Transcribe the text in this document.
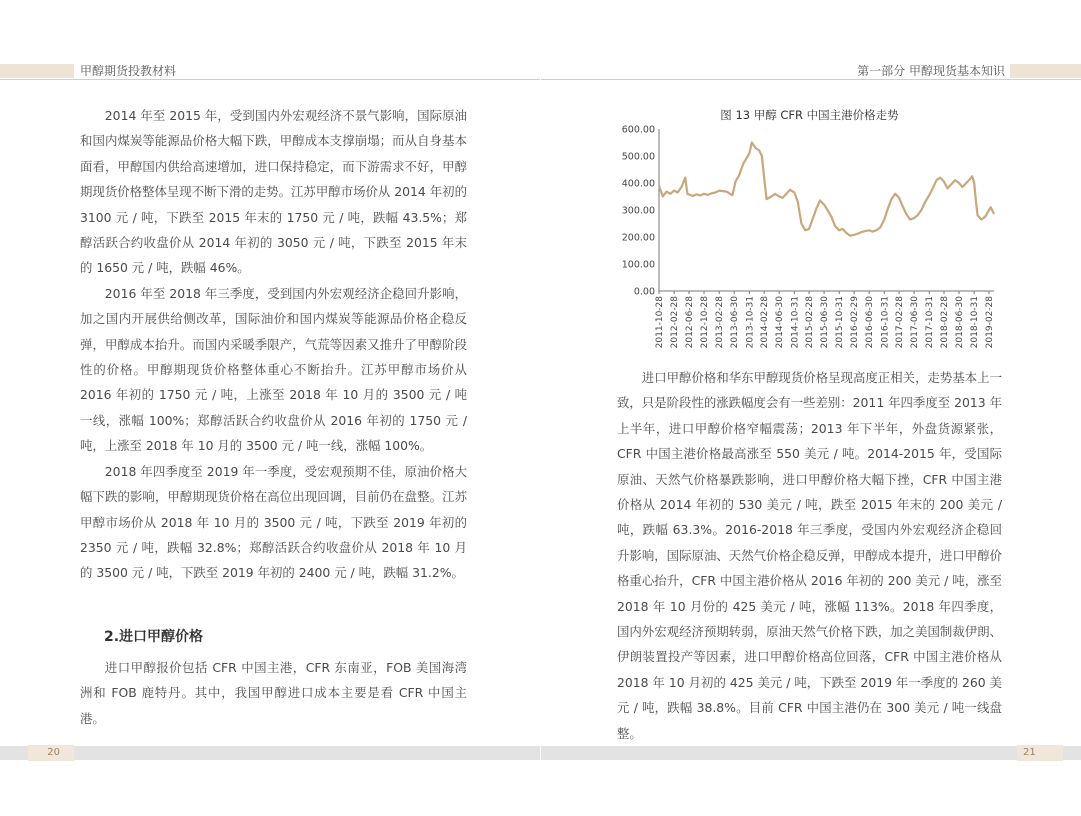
甲醇期货投教材料	第一部分 甲醇现货基本知识

2014 年至 2015 年，受到国内外宏观经济不景气影响，国际原油和国内煤炭等能源品价格大幅下跌，甲醇成本支撑崩塌；而从自身基本面看，甲醇国内供给高速增加，进口保持稳定，而下游需求不好，甲醇期现货价格整体呈现不断下滑的走势。江苏甲醇市场价从 2014 年初的 3100 元 / 吨，下跌至 2015 年末的 1750 元 / 吨，跌幅 43.5%；郑醇活跃合约收盘价从 2014 年初的 3050 元 / 吨，下跌至 2015 年末的 1650 元 / 吨，跌幅 46%。

2016 年至 2018 年三季度，受到国内外宏观经济企稳回升影响，加之国内开展供给侧改革，国际油价和国内煤炭等能源品价格企稳反弹，甲醇成本抬升。而国内采暖季限产，气荒等因素又推升了甲醇阶段性的价格。甲醇期现货价格整体重心不断抬升。江苏甲醇市场价从 2016 年初的 1750 元 / 吨，上涨至 2018 年 10 月的 3500 元 / 吨一线，涨幅 100%；郑醇活跃合约收盘价从 2016 年初的 1750 元 / 吨，上涨至 2018 年 10 月的 3500 元 / 吨一线，涨幅 100%。

2018 年四季度至 2019 年一季度，受宏观预期不佳，原油价格大幅下跌的影响，甲醇期现货价格在高位出现回调，目前仍在盘整。江苏甲醇市场价从 2018 年 10 月的 3500 元 / 吨，下跌至 2019 年初的 2350 元 / 吨，跌幅 32.8%；郑醇活跃合约收盘价从 2018 年 10 月的 3500 元 / 吨，下跌至 2019 年初的 2400 元 / 吨，跌幅 31.2%。

2.进口甲醇价格

进口甲醇报价包括 CFR 中国主港，CFR 东南亚，FOB 美国海湾洲和 FOB 鹿特丹。其中，我国甲醇进口成本主要是看 CFR 中国主港。

图 13 甲醇 CFR 中国主港价格走势
0.00
100.00
200.00
300.00
400.00
500.00
600.00
2011-10-28 2012-02-28 2012-06-28 2012-10-28 2013-02-28 2013-06-30 2013-10-31 2014-02-28 2014-06-30 2014-10-31 2015-02-28 2015-06-30 2015-10-31 2016-02-29 2016-06-30 2016-10-31 2017-02-28 2017-06-30 2017-10-31 2018-02-28 2018-06-30 2018-10-31 2019-02-28

进口甲醇价格和华东甲醇现货价格呈现高度正相关，走势基本上一致，只是阶段性的涨跌幅度会有一些差别：2011 年四季度至 2013 年上半年，进口甲醇价格窄幅震荡；2013 年下半年，外盘货源紧张，CFR 中国主港价格最高涨至 550 美元 / 吨。2014-2015 年，受国际原油、天然气价格暴跌影响，进口甲醇价格大幅下挫，CFR 中国主港价格从 2014 年初的 530 美元 / 吨，跌至 2015 年末的 200 美元 / 吨，跌幅 63.3%。2016-2018 年三季度，受国内外宏观经济企稳回升影响，国际原油、天然气价格企稳反弹，甲醇成本提升，进口甲醇价格重心抬升，CFR 中国主港价格从 2016 年初的 200 美元 / 吨，涨至 2018 年 10 月份的 425 美元 / 吨，涨幅 113%。2018 年四季度，国内外宏观经济预期转弱，原油天然气价格下跌，加之美国制裁伊朗、伊朗装置投产等因素，进口甲醇价格高位回落，CFR 中国主港价格从 2018 年 10 月初的 425 美元 / 吨，下跌至 2019 年一季度的 260 美元 / 吨，跌幅 38.8%。目前 CFR 中国主港仍在 300 美元 / 吨一线盘整。

20	21
